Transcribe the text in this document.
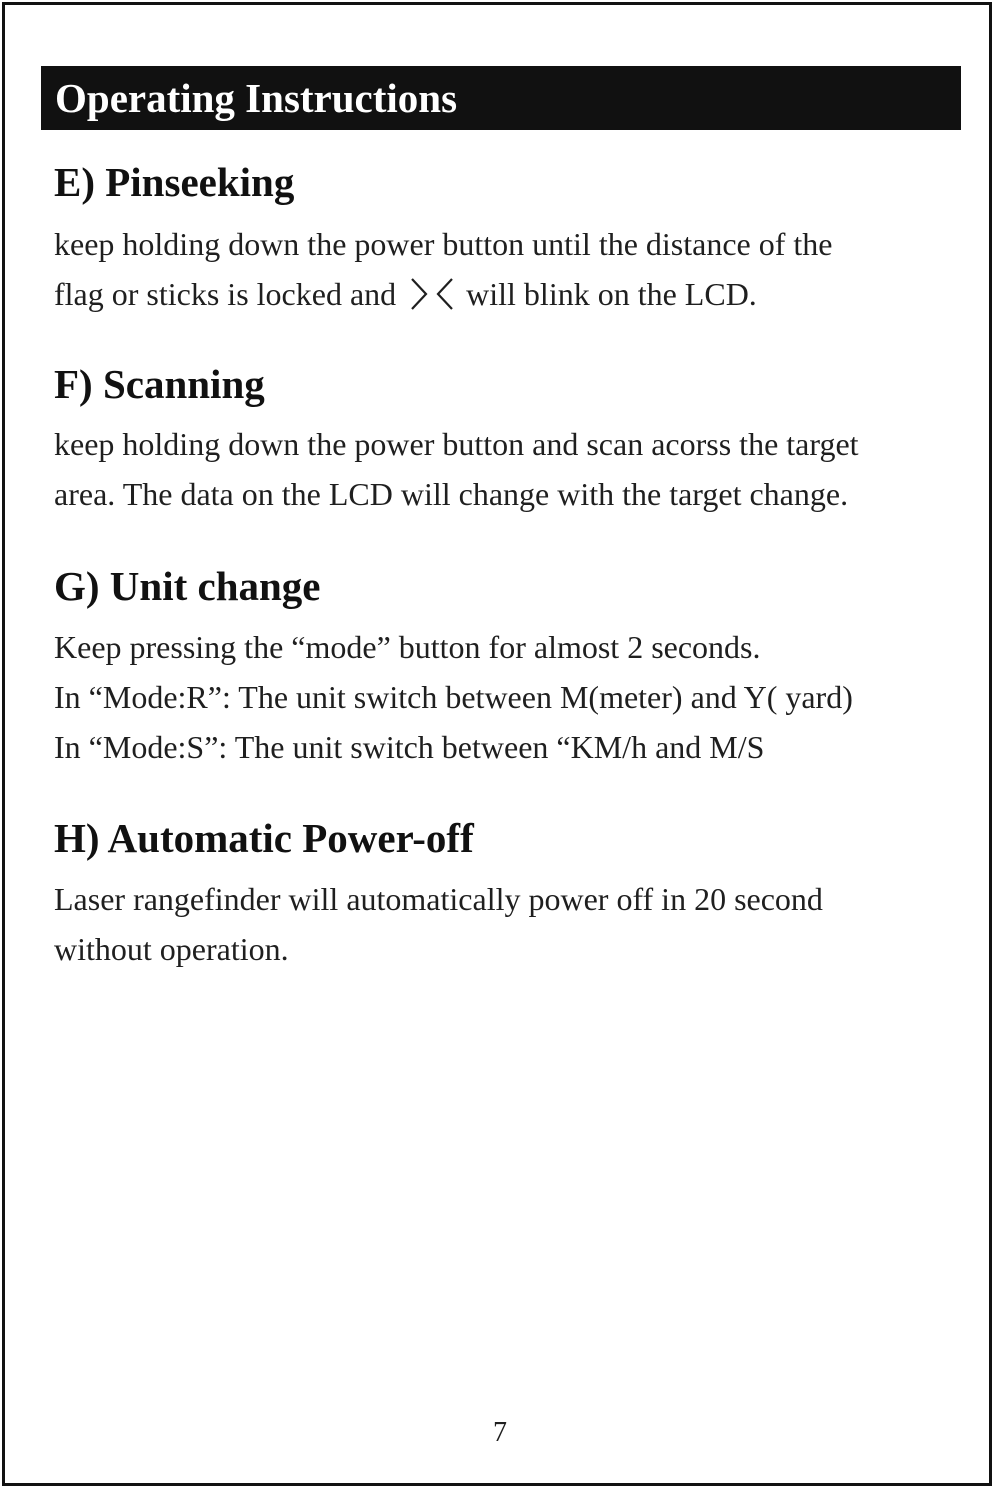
Operating Instructions
E) Pinseeking
keep holding down the power button until the distance of the
flag or sticks is locked and will blink on the LCD.
F) Scanning
keep holding down the power button and scan acorss the target
area. The data on the LCD will change with the target change.
G) Unit change
Keep pressing the “mode” button for almost 2 seconds.
In “Mode:R”: The unit switch between M(meter) and Y( yard)
In “Mode:S”: The unit switch between “KM/h and M/S
H) Automatic Power-off
Laser rangefinder will automatically power off in 20 second
without operation.
7
